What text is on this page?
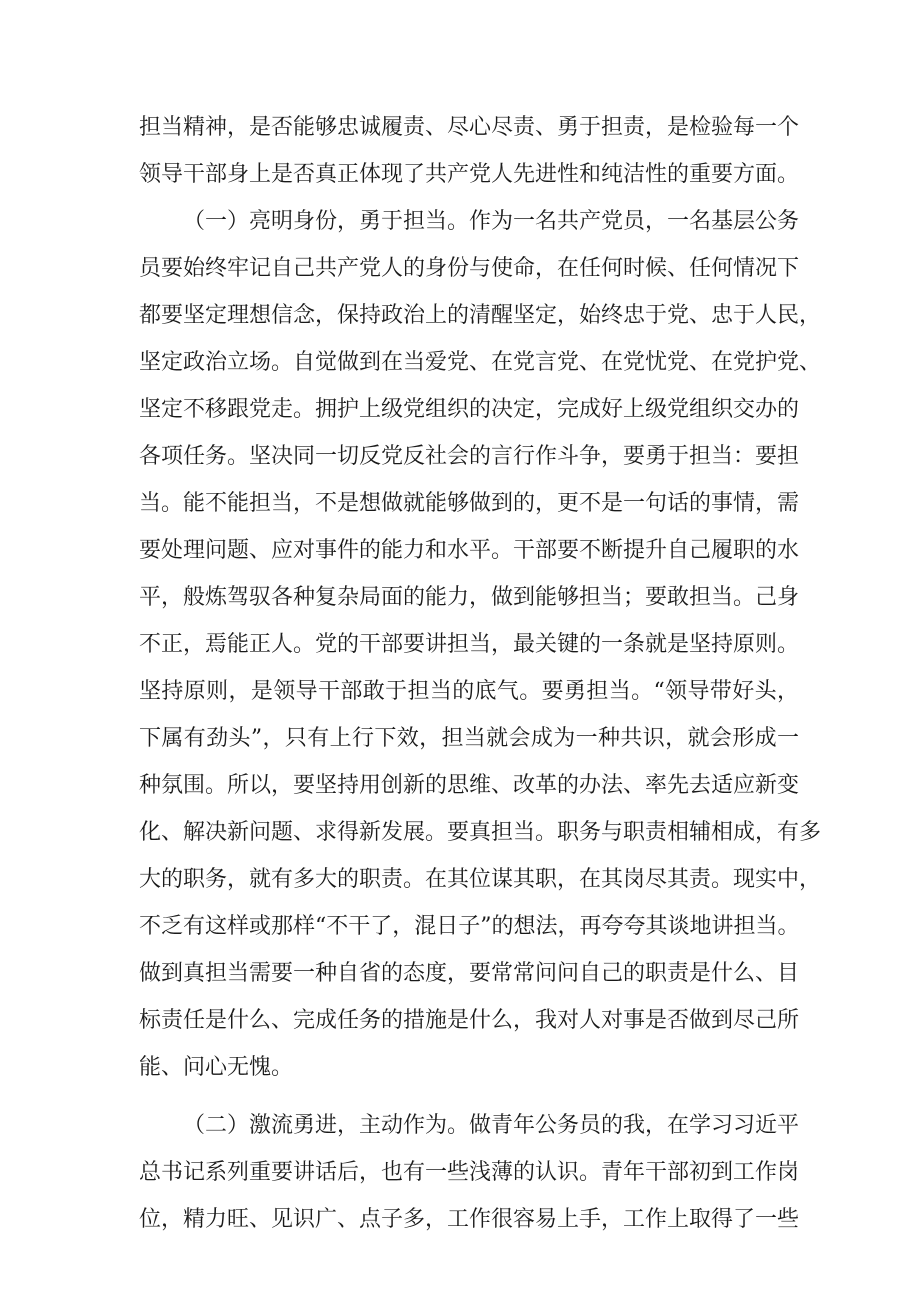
担当精神，是否能够忠诚履责、尽心尽责、勇于担责，是检验每一个
领导干部身上是否真正体现了共产党人先进性和纯洁性的重要方面。
（一）亮明身份，勇于担当。作为一名共产党员，一名基层公务
员要始终牢记自己共产党人的身份与使命，在任何时候、任何情况下
都要坚定理想信念，保持政治上的清醒坚定，始终忠于党、忠于人民，
坚定政治立场。自觉做到在当爱党、在党言党、在党忧党、在党护党、
坚定不移跟党走。拥护上级党组织的决定，完成好上级党组织交办的
各项任务。坚决同一切反党反社会的言行作斗争，要勇于担当：要担
当。能不能担当，不是想做就能够做到的，更不是一句话的事情，需
要处理问题、应对事件的能力和水平。干部要不断提升自己履职的水
平，般炼驾驭各种复杂局面的能力，做到能够担当；要敢担当。己身
不正，焉能正人。党的干部要讲担当，最关键的一条就是坚持原则。
坚持原则，是领导干部敢于担当的底气。要勇担当。“领导带好头，
下属有劲头”，只有上行下效，担当就会成为一种共识，就会形成一
种氛围。所以，要坚持用创新的思维、改革的办法、率先去适应新变
化、解决新问题、求得新发展。要真担当。职务与职责相辅相成，有多
大的职务，就有多大的职责。在其位谋其职，在其岗尽其责。现实中，
不乏有这样或那样“不干了，混日子”的想法，再夸夸其谈地讲担当。
做到真担当需要一种自省的态度，要常常问问自己的职责是什么、目
标责任是什么、完成任务的措施是什么，我对人对事是否做到尽己所
能、问心无愧。
（二）激流勇进，主动作为。做青年公务员的我，在学习习近平
总书记系列重要讲话后，也有一些浅薄的认识。青年干部初到工作岗
位，精力旺、见识广、点子多，工作很容易上手，工作上取得了一些
